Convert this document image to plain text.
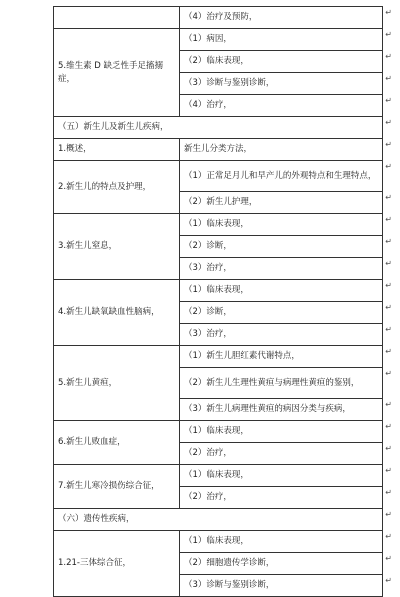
	（4）治疗及预防，
5.维生素 D 缺乏性手足搐搦症，	（1）病因，
	（2）临床表现，
	（3）诊断与鉴别诊断，
	（4）治疗，
（五）新生儿及新生儿疾病，	
1.概述，	新生儿分类方法，
2.新生儿的特点及护理，	（1）正常足月儿和早产儿的外观特点和生理特点，
	（2）新生儿护理，
3.新生儿窒息，	（1）临床表现，
	（2）诊断，
	（3）治疗，
4.新生儿缺氧缺血性脑病，	（1）临床表现，
	（2）诊断，
	（3）治疗，
5.新生儿黄疸，	（1）新生儿胆红素代谢特点，
	（2）新生儿生理性黄疸与病理性黄疸的鉴别，
	（3）新生儿病理性黄疸的病因分类与疾病，
6.新生儿败血症，	（1）临床表现，
	（2）治疗，
7.新生儿寒冷损伤综合征，	（1）临床表现，
	（2）治疗，
（六）遗传性疾病，	
1.21-三体综合征，	（1）临床表现，
	（2）细胞遗传学诊断，
	（3）诊断与鉴别诊断，
↵
↵
↵
↵
↵
↵
↵
↵
↵
↵
↵
↵
↵
↵
↵
↵
↵
↵
↵
↵
↵
↵
↵
↵
↵
↵
